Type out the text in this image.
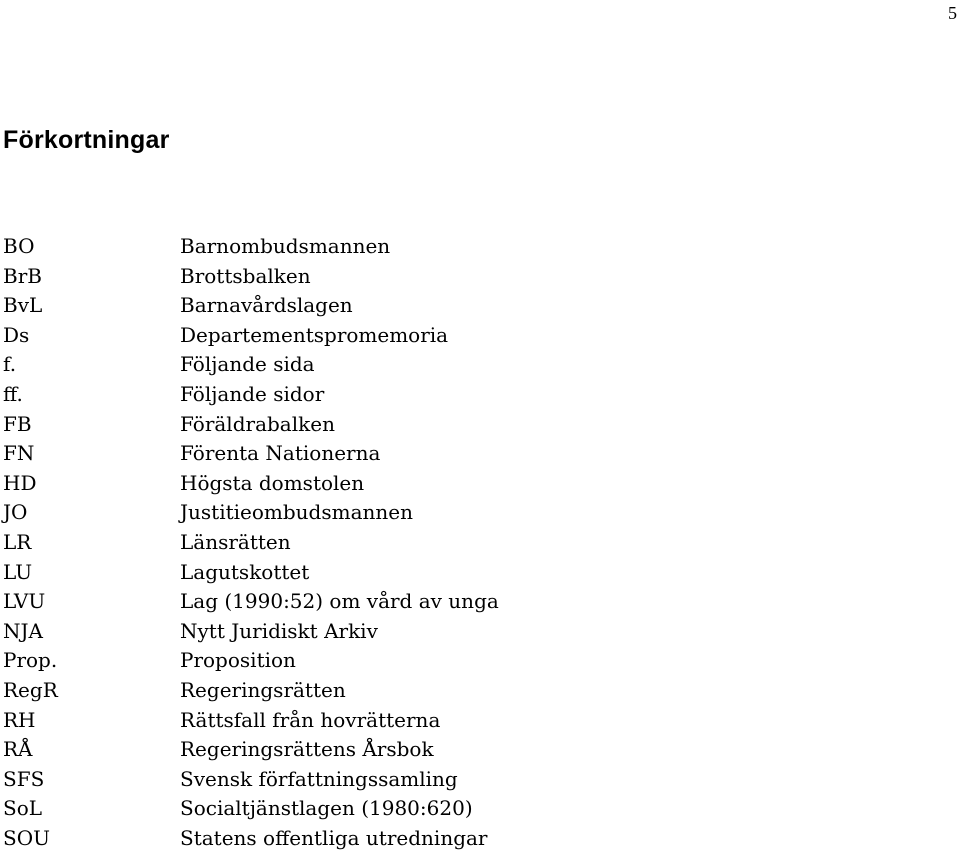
5
Förkortningar
BO	Barnombudsmannen
BrB	Brottsbalken
BvL	Barnavårdslagen
Ds	Departementspromemoria
f.	Följande sida
ff.	Följande sidor
FB	Föräldrabalken
FN	Förenta Nationerna
HD	Högsta domstolen
JO	Justitieombudsmannen
LR	Länsrätten
LU	Lagutskottet
LVU	Lag (1990:52) om vård av unga
NJA	Nytt Juridiskt Arkiv
Prop.	Proposition
RegR	Regeringsrätten
RH	Rättsfall från hovrätterna
RÅ	Regeringsrättens Årsbok
SFS	Svensk författningssamling
SoL	Socialtjänstlagen (1980:620)
SOU	Statens offentliga utredningar
